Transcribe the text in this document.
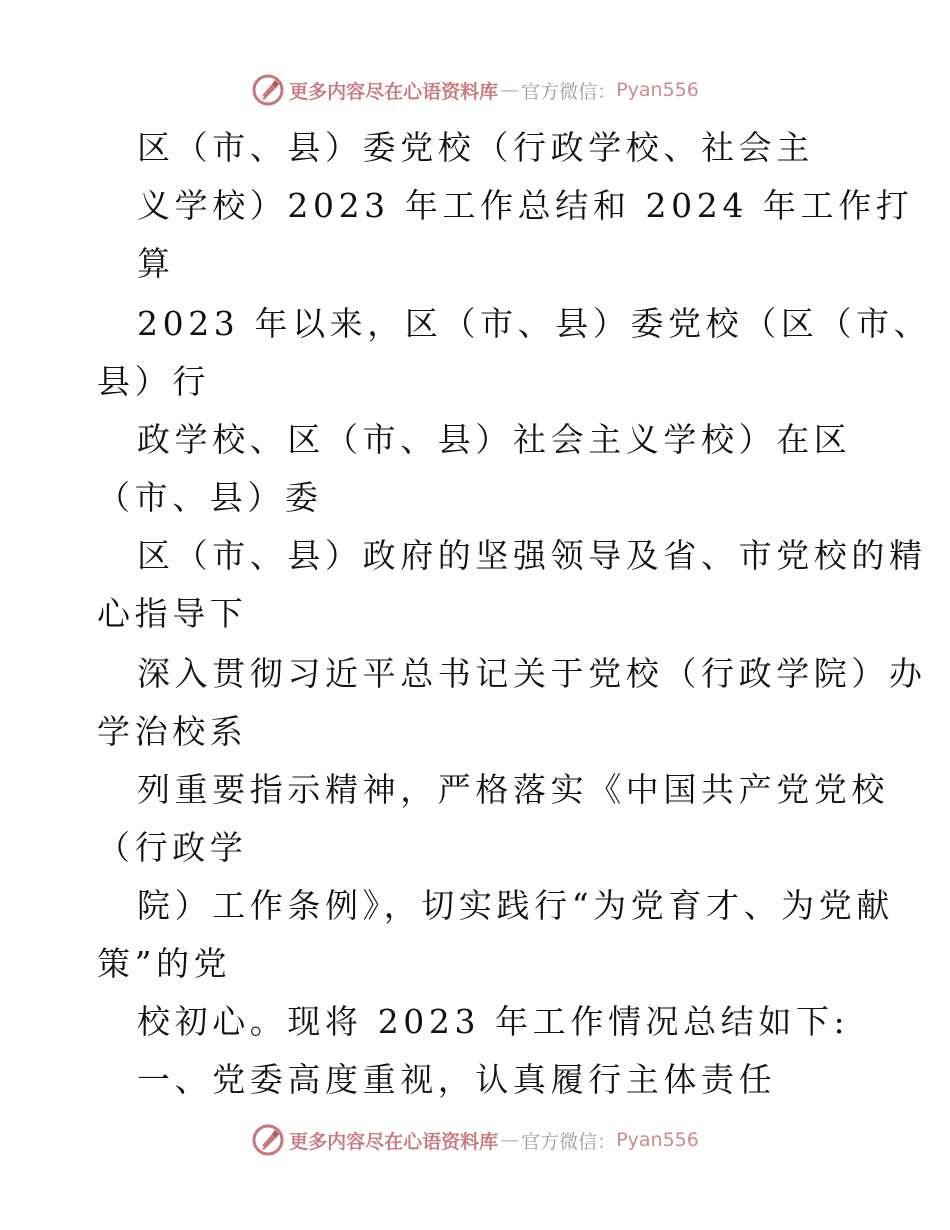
更多内容尽在心语资料库 — 官方微信： Pyan556
区（市、县）委党校（行政学校、社会主
义学校）2023 年工作总结和 2024 年工作打
算
2023 年以来，区（市、县）委党校（区（市、
县）行
政学校、区（市、县）社会主义学校）在区
（市、县）委
区（市、县）政府的坚强领导及省、市党校的精
心指导下
深入贯彻习近平总书记关于党校（行政学院）办
学治校系
列重要指示精神，严格落实《中国共产党党校
（行政学
院）工作条例》，切实践行“为党育才、为党献
策”的党
校初心。现将 2023 年工作情况总结如下:
一、党委高度重视，认真履行主体责任
更多内容尽在心语资料库 — 官方微信： Pyan556
